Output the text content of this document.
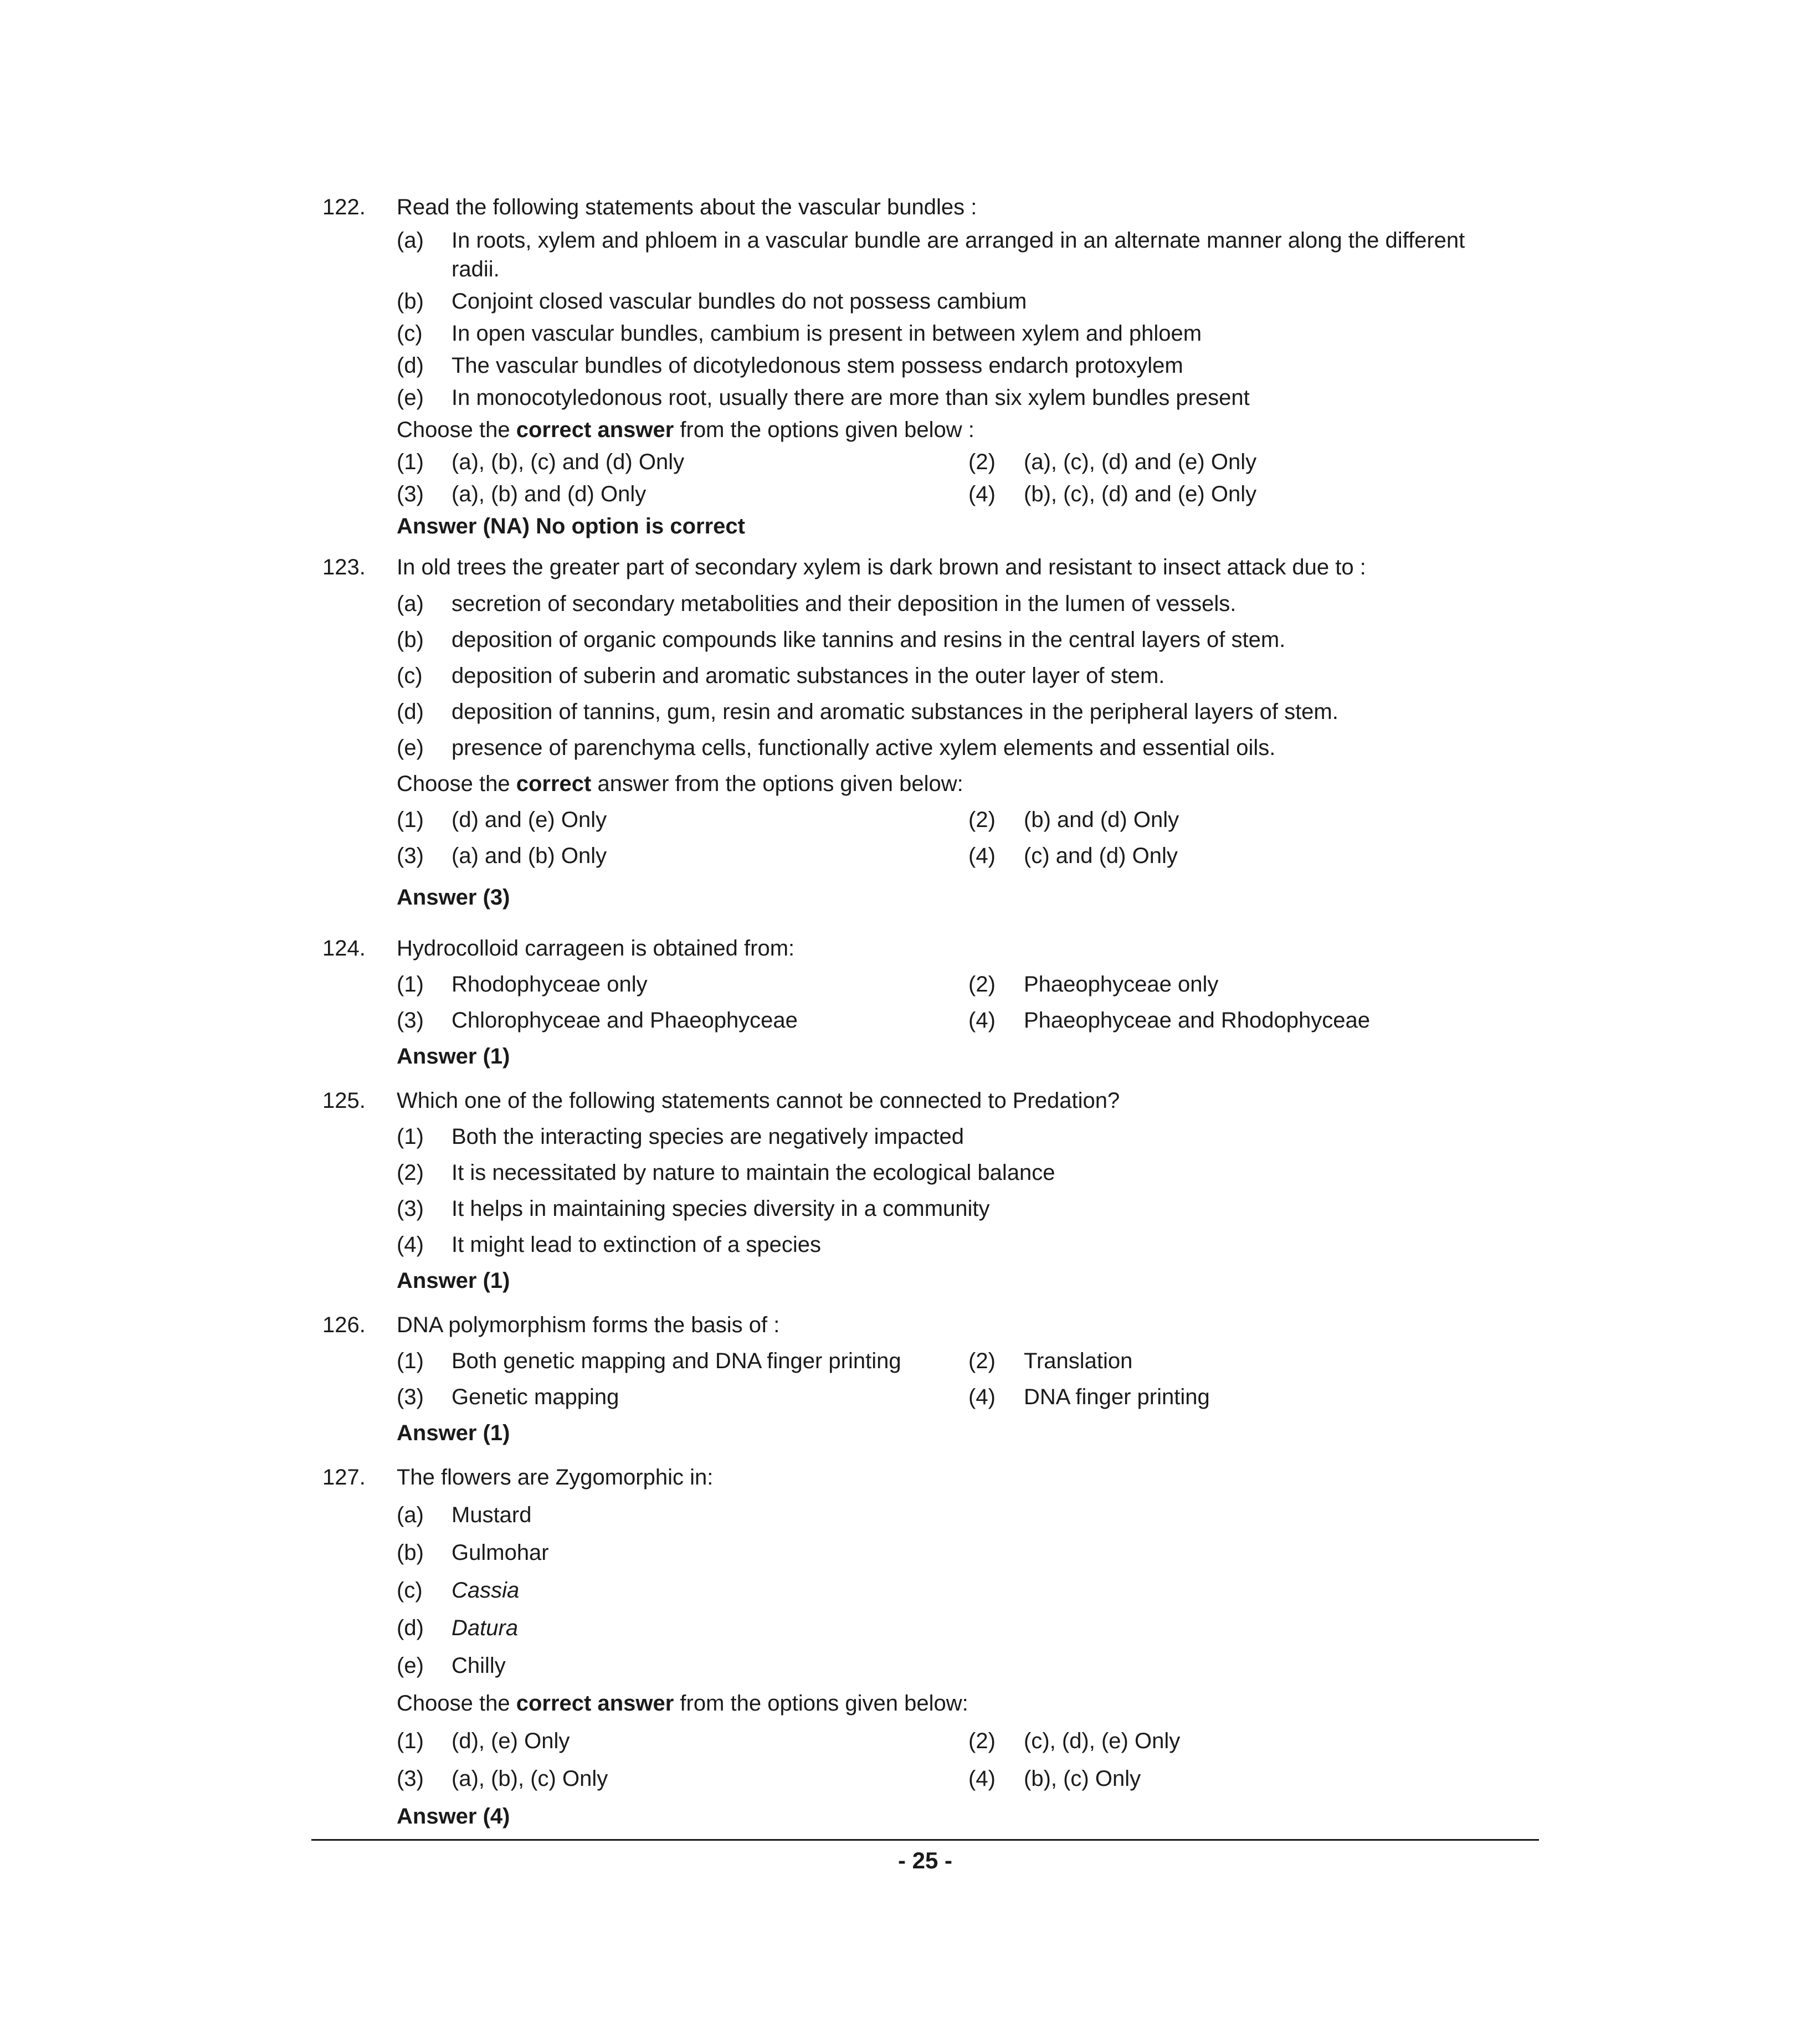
122. Read the following statements about the vascular bundles :
(a) In roots, xylem and phloem in a vascular bundle are arranged in an alternate manner along the different
radii.
(b) Conjoint closed vascular bundles do not possess cambium
(c) In open vascular bundles, cambium is present in between xylem and phloem
(d) The vascular bundles of dicotyledonous stem possess endarch protoxylem
(e) In monocotyledonous root, usually there are more than six xylem bundles present
Choose the correct answer from the options given below :
(1) (a), (b), (c) and (d) Only	(2) (a), (c), (d) and (e) Only
(3) (a), (b) and (d) Only	(4) (b), (c), (d) and (e) Only
Answer (NA) No option is correct
123. In old trees the greater part of secondary xylem is dark brown and resistant to insect attack due to :
(a) secretion of secondary metabolities and their deposition in the lumen of vessels.
(b) deposition of organic compounds like tannins and resins in the central layers of stem.
(c) deposition of suberin and aromatic substances in the outer layer of stem.
(d) deposition of tannins, gum, resin and aromatic substances in the peripheral layers of stem.
(e) presence of parenchyma cells, functionally active xylem elements and essential oils.
Choose the correct answer from the options given below:
(1) (d) and (e) Only	(2) (b) and (d) Only
(3) (a) and (b) Only	(4) (c) and (d) Only
Answer (3)
124. Hydrocolloid carrageen is obtained from:
(1) Rhodophyceae only	(2) Phaeophyceae only
(3) Chlorophyceae and Phaeophyceae	(4) Phaeophyceae and Rhodophyceae
Answer (1)
125. Which one of the following statements cannot be connected to Predation?
(1) Both the interacting species are negatively impacted
(2) It is necessitated by nature to maintain the ecological balance
(3) It helps in maintaining species diversity in a community
(4) It might lead to extinction of a species
Answer (1)
126. DNA polymorphism forms the basis of :
(1) Both genetic mapping and DNA finger printing	(2) Translation
(3) Genetic mapping	(4) DNA finger printing
Answer (1)
127. The flowers are Zygomorphic in:
(a) Mustard
(b) Gulmohar
(c) Cassia
(d) Datura
(e) Chilly
Choose the correct answer from the options given below:
(1) (d), (e) Only	(2) (c), (d), (e) Only
(3) (a), (b), (c) Only	(4) (b), (c) Only
Answer (4)
- 25 -
